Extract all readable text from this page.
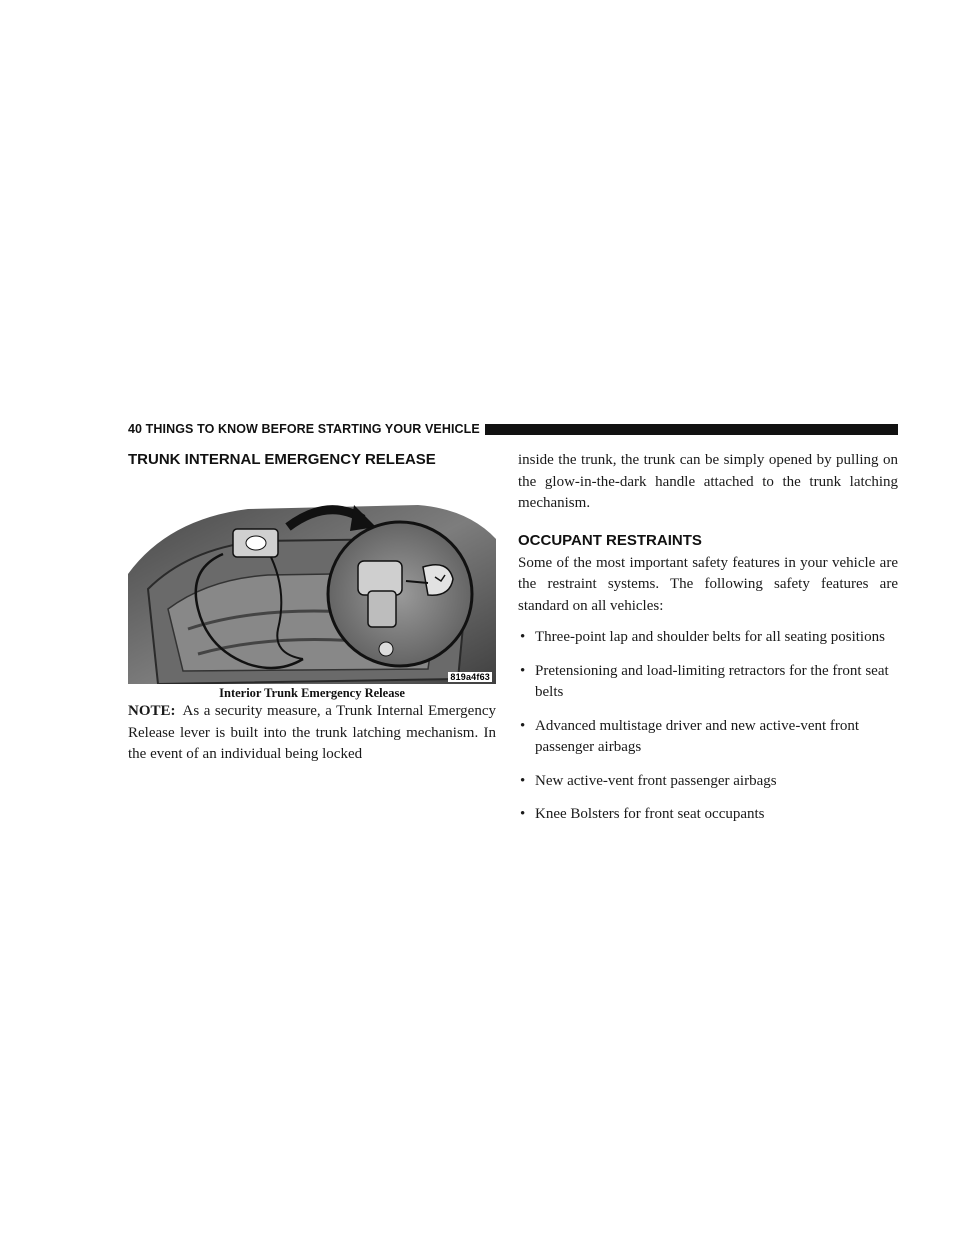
40 THINGS TO KNOW BEFORE STARTING YOUR VEHICLE
TRUNK INTERNAL EMERGENCY RELEASE
819a4f63
Interior Trunk Emergency Release

NOTE: As a security measure, a Trunk Internal Emergency Release lever is built into the trunk latching mechanism. In the event of an individual being locked

inside the trunk, the trunk can be simply opened by pulling on the glow-in-the-dark handle attached to the trunk latching mechanism.

OCCUPANT RESTRAINTS

Some of the most important safety features in your vehicle are the restraint systems. The following safety features are standard on all vehicles:

• Three-point lap and shoulder belts for all seating positions
• Pretensioning and load-limiting retractors for the front seat belts
• Advanced multistage driver and new active-vent front passenger airbags
• New active-vent front passenger airbags
• Knee Bolsters for front seat occupants
